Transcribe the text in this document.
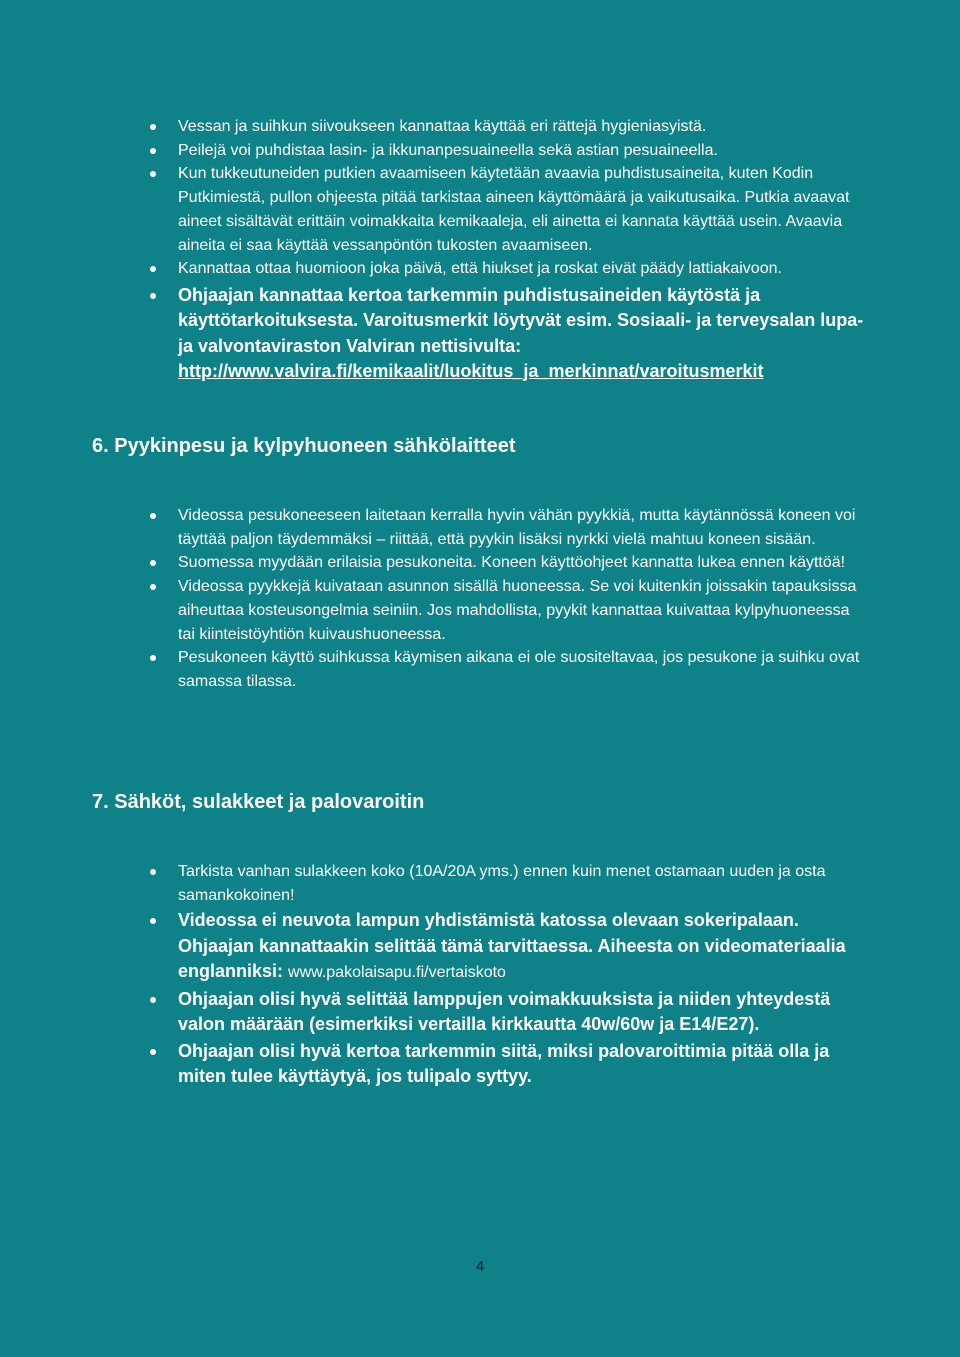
Vessan ja suihkun siivoukseen kannattaa käyttää eri rättejä hygieniasyistä.
Peilejä voi puhdistaa lasin- ja ikkunanpesuaineella sekä astian pesuaineella.
Kun tukkeutuneiden putkien avaamiseen käytetään avaavia puhdistusaineita, kuten Kodin Putkimiestä, pullon ohjeesta pitää tarkistaa aineen käyttömäärä ja vaikutusaika. Putkia avaavat aineet sisältävät erittäin voimakkaita kemikaaleja, eli ainetta ei kannata käyttää usein. Avaavia aineita ei saa käyttää vessanpöntön tukosten avaamiseen.
Kannattaa ottaa huomioon joka päivä, että hiukset ja roskat eivät päädy lattiakaivoon.
Ohjaajan kannattaa kertoa tarkemmin puhdistusaineiden käytöstä ja käyttötarkoituksesta. Varoitusmerkit löytyvät esim. Sosiaali- ja terveysalan lupa- ja valvontaviraston Valviran nettisivulta: http://www.valvira.fi/kemikaalit/luokitus_ja_merkinnat/varoitusmerkit
6. Pyykinpesu ja kylpyhuoneen sähkölaitteet
Videossa pesukoneeseen laitetaan kerralla hyvin vähän pyykkiä, mutta käytännössä koneen voi täyttää paljon täydemmäksi – riittää, että pyykin lisäksi nyrkki vielä mahtuu koneen sisään.
Suomessa myydään erilaisia pesukoneita. Koneen käyttöohjeet kannatta lukea ennen käyttöä!
Videossa pyykkejä kuivataan asunnon sisällä huoneessa. Se voi kuitenkin joissakin tapauksissa aiheuttaa kosteusongelmia seiniin. Jos mahdollista, pyykit kannattaa kuivattaa kylpyhuoneessa tai kiinteistöyhtiön kuivaushuoneessa.
Pesukoneen käyttö suihkussa käymisen aikana ei ole suositeltavaa, jos pesukone ja suihku ovat samassa tilassa.
7. Sähköt, sulakkeet ja palovaroitin
Tarkista vanhan sulakkeen koko (10A/20A yms.) ennen kuin menet ostamaan uuden ja osta samankokoinen!
Videossa ei neuvota lampun yhdistämistä katossa olevaan sokeripalaan. Ohjaajan kannattaakin selittää tämä tarvittaessa. Aiheesta on videomateriaalia englanniksi: www.pakolaisapu.fi/vertaiskoto
Ohjaajan olisi hyvä selittää lamppujen voimakkuuksista ja niiden yhteydestä valon määrään (esimerkiksi vertailla kirkkautta 40w/60w ja E14/E27).
Ohjaajan olisi hyvä kertoa tarkemmin siitä, miksi palovaroittimia pitää olla ja miten tulee käyttäytyä, jos tulipalo syttyy.
4
